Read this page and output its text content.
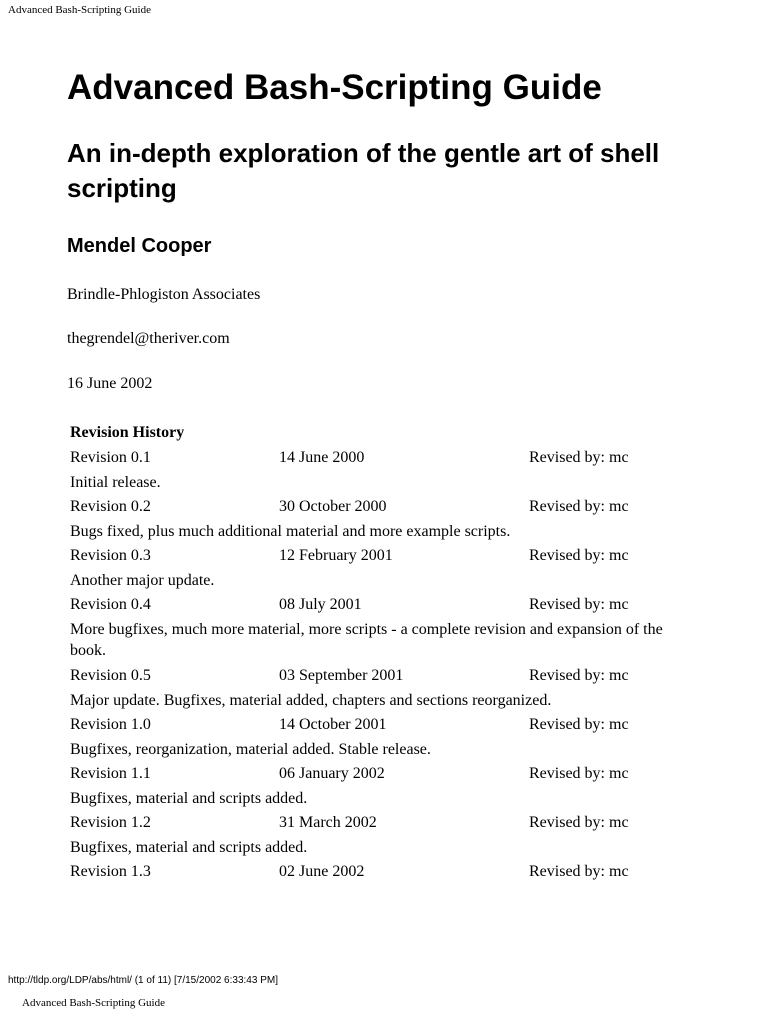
Advanced Bash-Scripting Guide
Advanced Bash-Scripting Guide
An in-depth exploration of the gentle art of shell scripting
Mendel Cooper

Brindle-Phlogiston Associates

thegrendel@theriver.com

16 June 2002

Revision History
Revision 0.1	14 June 2000	Revised by: mc
Initial release.
Revision 0.2	30 October 2000	Revised by: mc
Bugs fixed, plus much additional material and more example scripts.
Revision 0.3	12 February 2001	Revised by: mc
Another major update.
Revision 0.4	08 July 2001	Revised by: mc
More bugfixes, much more material, more scripts - a complete revision and expansion of the book.
Revision 0.5	03 September 2001	Revised by: mc
Major update. Bugfixes, material added, chapters and sections reorganized.
Revision 1.0	14 October 2001	Revised by: mc
Bugfixes, reorganization, material added. Stable release.
Revision 1.1	06 January 2002	Revised by: mc
Bugfixes, material and scripts added.
Revision 1.2	31 March 2002	Revised by: mc
Bugfixes, material and scripts added.
Revision 1.3	02 June 2002	Revised by: mc
http://tldp.org/LDP/abs/html/ (1 of 11) [7/15/2002 6:33:43 PM]
Advanced Bash-Scripting Guide
